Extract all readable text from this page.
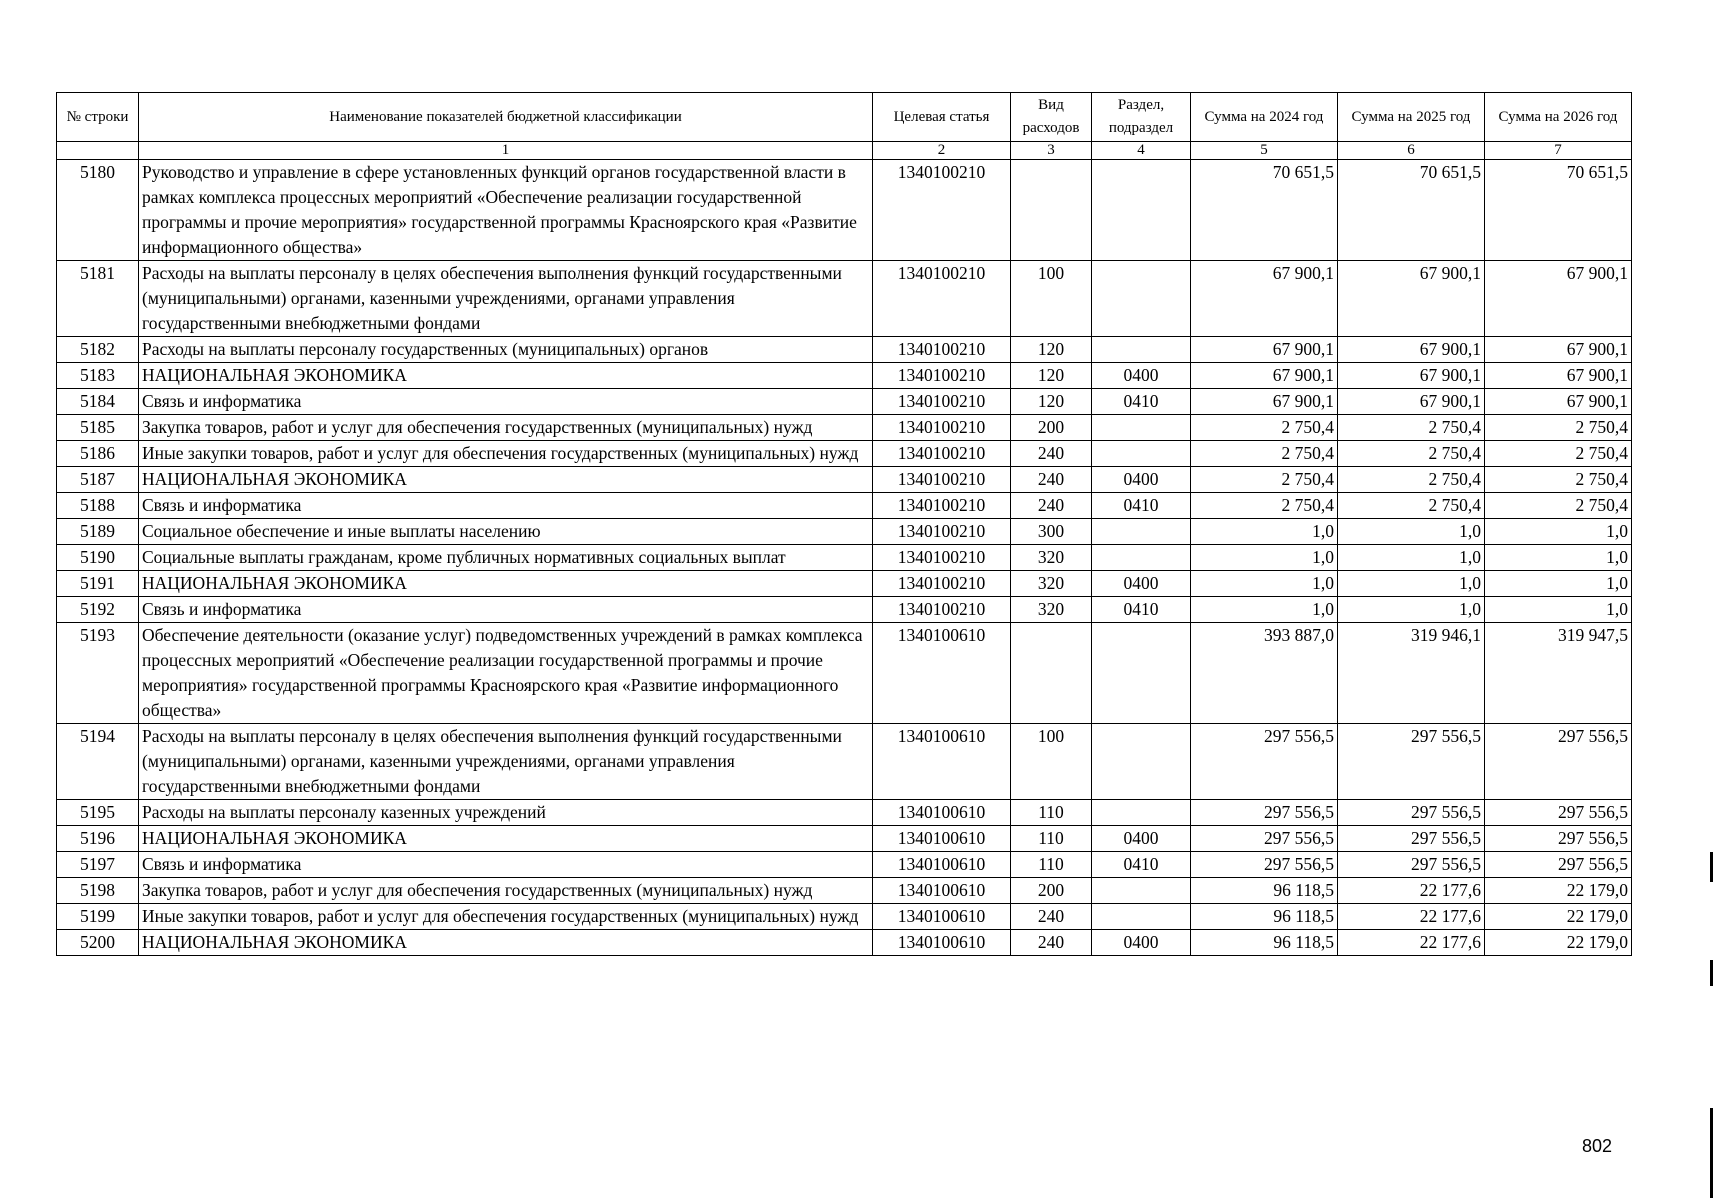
№ строки	Наименование показателей бюджетной классификации	Целевая статья	Вид расходов	Раздел, подраздел	Сумма на 2024 год	Сумма на 2025 год	Сумма на 2026 год
	1	2	3	4	5	6	7
5180	Руководство и управление в сфере установленных функций органов государственной власти в рамках комплекса процессных мероприятий «Обеспечение реализации государственной программы и прочие мероприятия» государственной программы Красноярского края «Развитие информационного общества»	1340100210			70 651,5	70 651,5	70 651,5
5181	Расходы на выплаты персоналу в целях обеспечения выполнения функций государственными (муниципальными) органами, казенными учреждениями, органами управления государственными внебюджетными фондами	1340100210	100		67 900,1	67 900,1	67 900,1
5182	Расходы на выплаты персоналу государственных (муниципальных) органов	1340100210	120		67 900,1	67 900,1	67 900,1
5183	НАЦИОНАЛЬНАЯ ЭКОНОМИКА	1340100210	120	0400	67 900,1	67 900,1	67 900,1
5184	Связь и информатика	1340100210	120	0410	67 900,1	67 900,1	67 900,1
5185	Закупка товаров, работ и услуг для обеспечения государственных (муниципальных) нужд	1340100210	200		2 750,4	2 750,4	2 750,4
5186	Иные закупки товаров, работ и услуг для обеспечения государственных (муниципальных) нужд	1340100210	240		2 750,4	2 750,4	2 750,4
5187	НАЦИОНАЛЬНАЯ ЭКОНОМИКА	1340100210	240	0400	2 750,4	2 750,4	2 750,4
5188	Связь и информатика	1340100210	240	0410	2 750,4	2 750,4	2 750,4
5189	Социальное обеспечение и иные выплаты населению	1340100210	300		1,0	1,0	1,0
5190	Социальные выплаты гражданам, кроме публичных нормативных социальных выплат	1340100210	320		1,0	1,0	1,0
5191	НАЦИОНАЛЬНАЯ ЭКОНОМИКА	1340100210	320	0400	1,0	1,0	1,0
5192	Связь и информатика	1340100210	320	0410	1,0	1,0	1,0
5193	Обеспечение деятельности (оказание услуг) подведомственных учреждений в рамках комплекса процессных мероприятий «Обеспечение реализации государственной программы и прочие мероприятия» государственной программы Красноярского края «Развитие информационного общества»	1340100610			393 887,0	319 946,1	319 947,5
5194	Расходы на выплаты персоналу в целях обеспечения выполнения функций государственными (муниципальными) органами, казенными учреждениями, органами управления государственными внебюджетными фондами	1340100610	100		297 556,5	297 556,5	297 556,5
5195	Расходы на выплаты персоналу казенных учреждений	1340100610	110		297 556,5	297 556,5	297 556,5
5196	НАЦИОНАЛЬНАЯ ЭКОНОМИКА	1340100610	110	0400	297 556,5	297 556,5	297 556,5
5197	Связь и информатика	1340100610	110	0410	297 556,5	297 556,5	297 556,5
5198	Закупка товаров, работ и услуг для обеспечения государственных (муниципальных) нужд	1340100610	200		96 118,5	22 177,6	22 179,0
5199	Иные закупки товаров, работ и услуг для обеспечения государственных (муниципальных) нужд	1340100610	240		96 118,5	22 177,6	22 179,0
5200	НАЦИОНАЛЬНАЯ ЭКОНОМИКА	1340100610	240	0400	96 118,5	22 177,6	22 179,0
802
